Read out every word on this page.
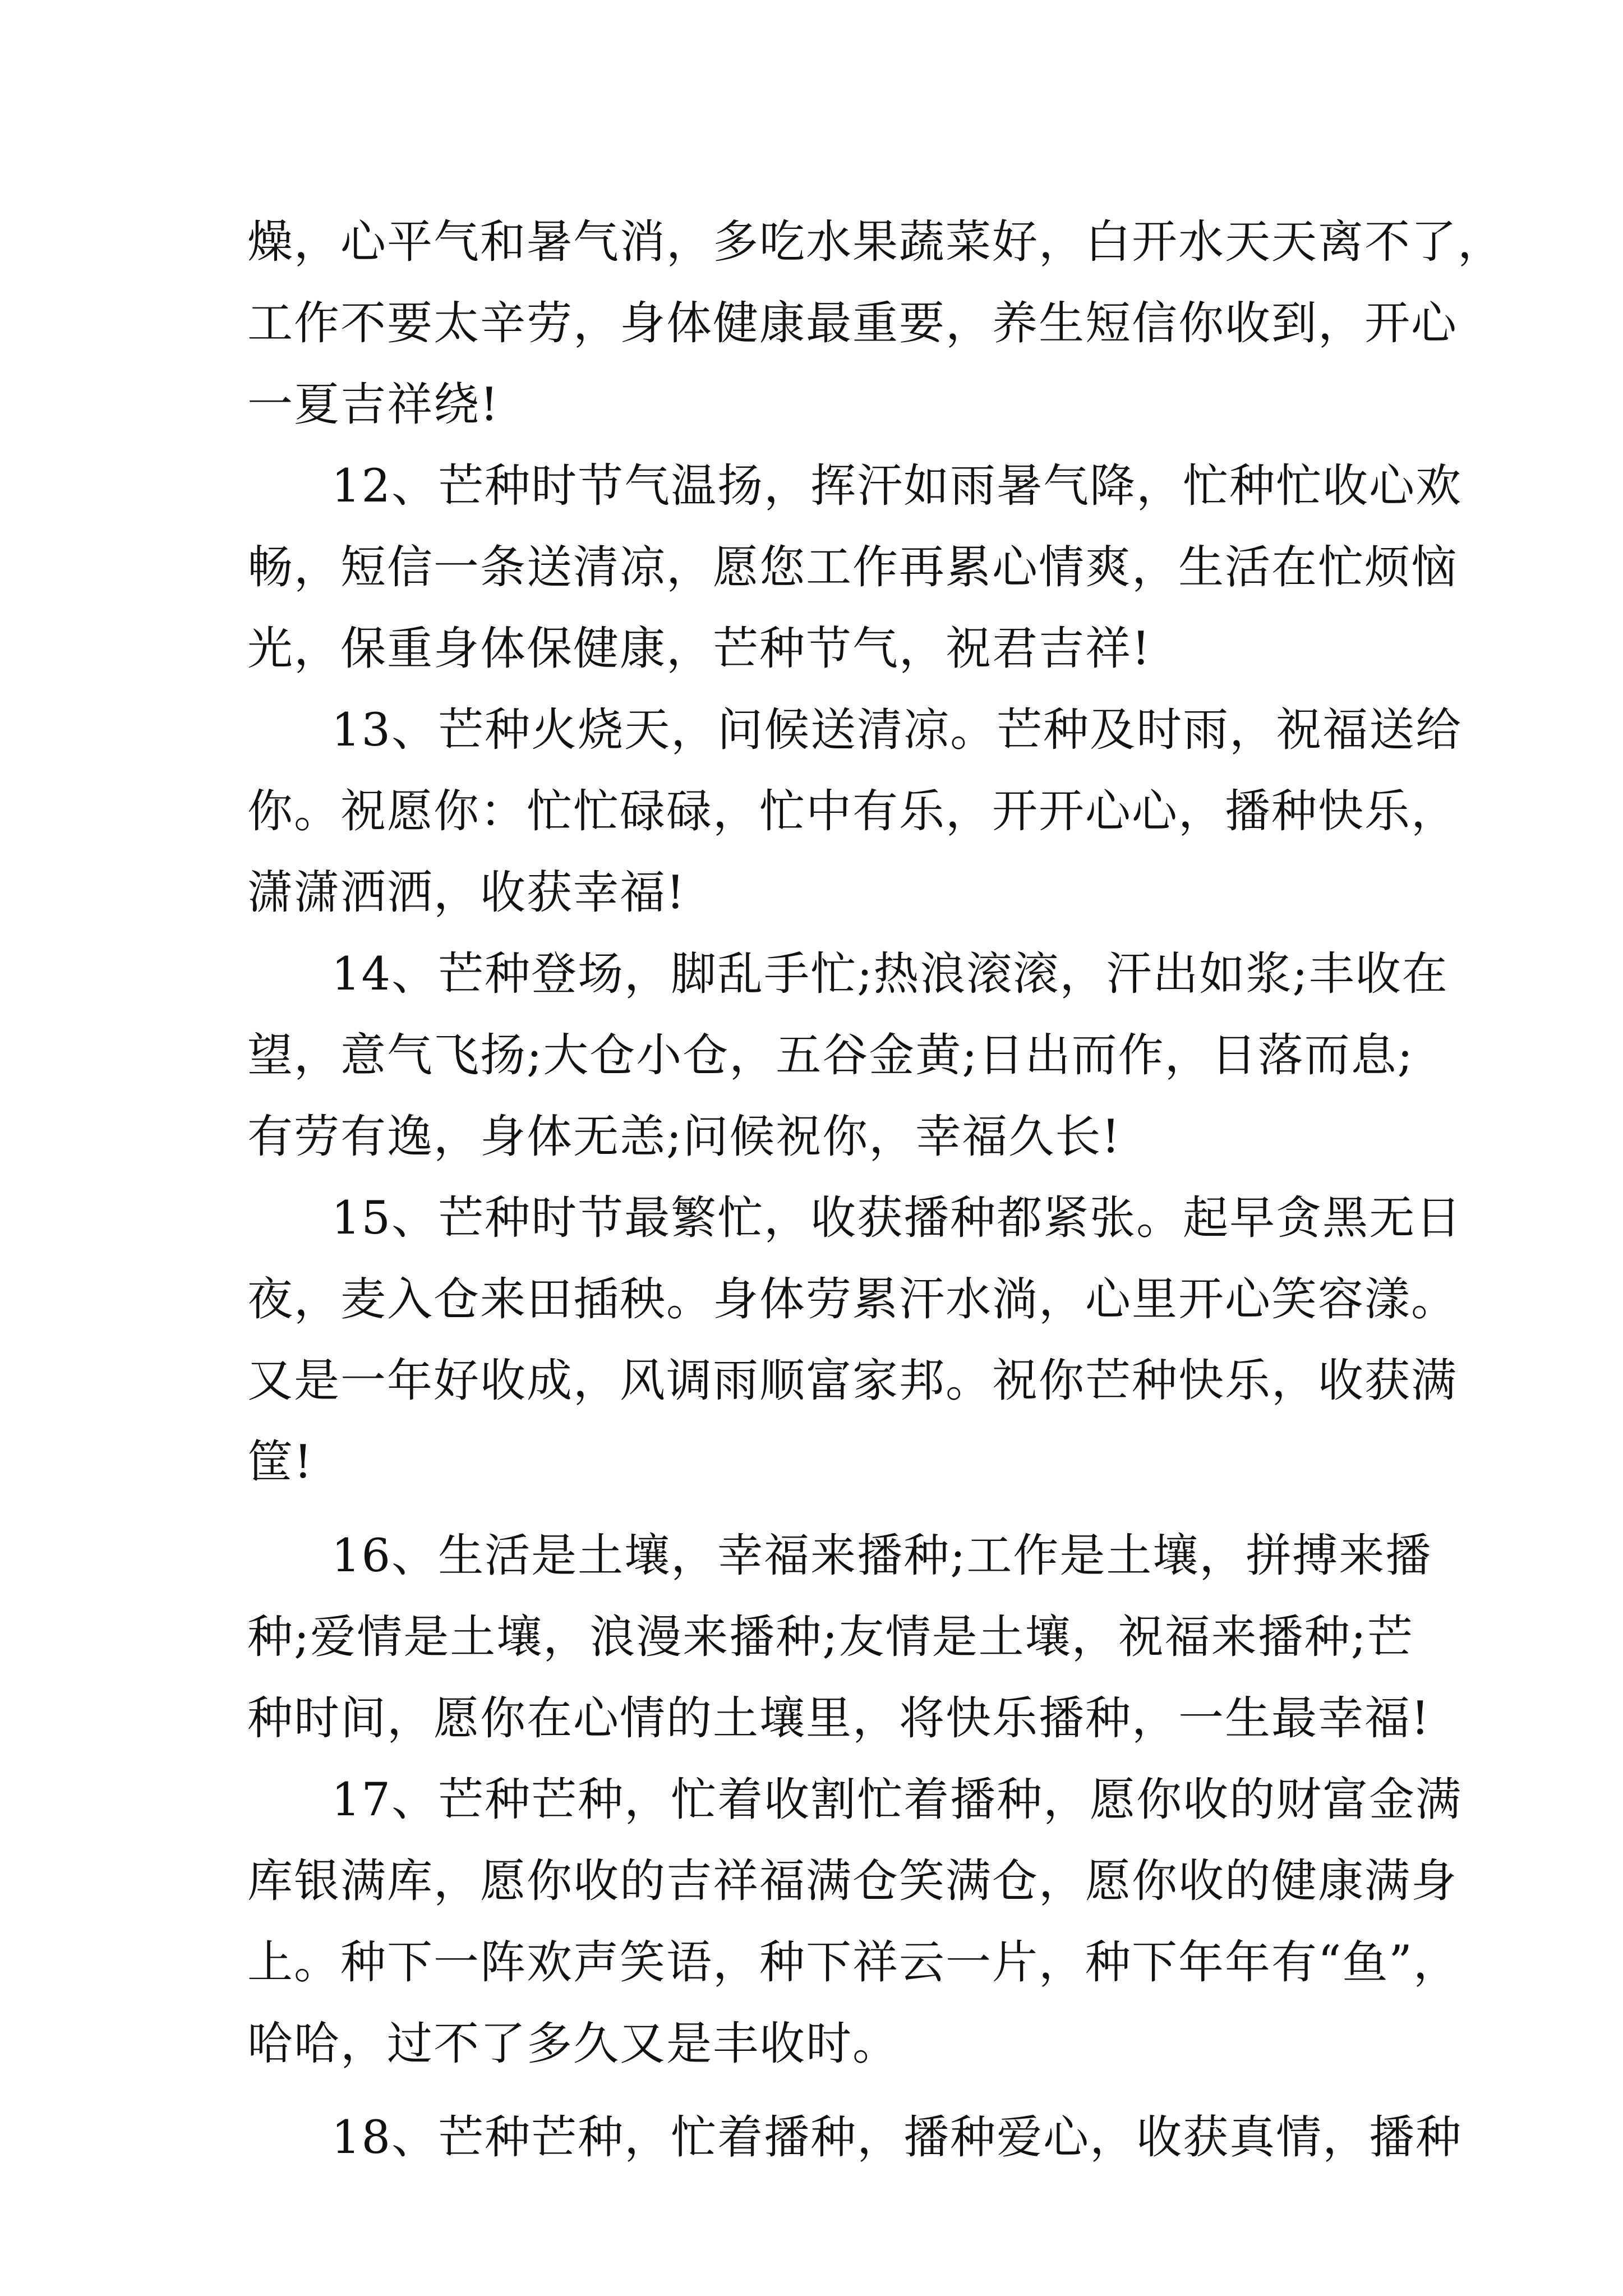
燥，心平气和暑气消，多吃水果蔬菜好，白开水天天离不了，
工作不要太辛劳，身体健康最重要，养生短信你收到，开心
一夏吉祥绕!
12、芒种时节气温扬，挥汗如雨暑气降，忙种忙收心欢
畅，短信一条送清凉，愿您工作再累心情爽，生活在忙烦恼
光，保重身体保健康，芒种节气，祝君吉祥!
13、芒种火烧天，问候送清凉。芒种及时雨，祝福送给
你。祝愿你：忙忙碌碌，忙中有乐，开开心心，播种快乐，
潇潇洒洒，收获幸福!
14、芒种登场，脚乱手忙;热浪滚滚，汗出如浆;丰收在
望，意气飞扬;大仓小仓，五谷金黄;日出而作，日落而息;
有劳有逸，身体无恙;问候祝你，幸福久长!
15、芒种时节最繁忙，收获播种都紧张。起早贪黑无日
夜，麦入仓来田插秧。身体劳累汗水淌，心里开心笑容漾。
又是一年好收成，风调雨顺富家邦。祝你芒种快乐，收获满
筐!
16、生活是土壤，幸福来播种;工作是土壤，拼搏来播
种;爱情是土壤，浪漫来播种;友情是土壤，祝福来播种;芒
种时间，愿你在心情的土壤里，将快乐播种，一生最幸福!
17、芒种芒种，忙着收割忙着播种，愿你收的财富金满
库银满库，愿你收的吉祥福满仓笑满仓，愿你收的健康满身
上。种下一阵欢声笑语，种下祥云一片，种下年年有“鱼”，
哈哈，过不了多久又是丰收时。
18、芒种芒种，忙着播种，播种爱心，收获真情，播种
